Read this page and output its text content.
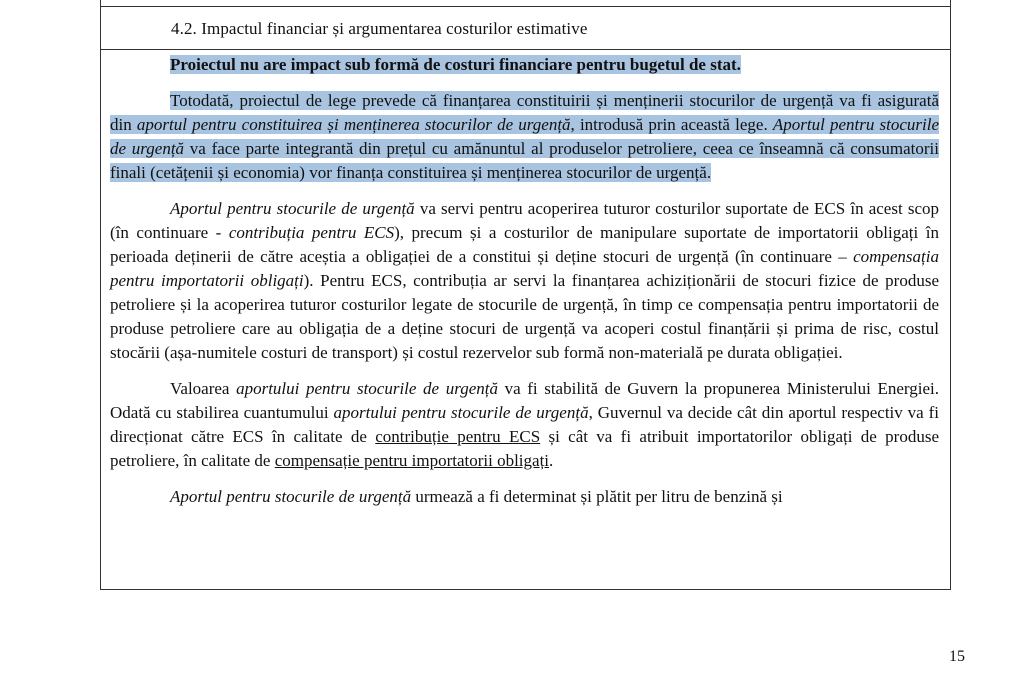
4.2. Impactul financiar și argumentarea costurilor estimative

Proiectul nu are impact sub formă de costuri financiare pentru bugetul de stat.

Totodată, proiectul de lege prevede că finanțarea constituirii și menținerii stocurilor de urgență va fi asigurată din aportul pentru constituirea și menținerea stocurilor de urgență, introdusă prin această lege. Aportul pentru stocurile de urgență va face parte integrantă din prețul cu amănuntul al produselor petroliere, ceea ce înseamnă că consumatorii finali (cetățenii și economia) vor finanța constituirea și menținerea stocurilor de urgență.

Aportul pentru stocurile de urgență va servi pentru acoperirea tuturor costurilor suportate de ECS în acest scop (în continuare - contribuția pentru ECS), precum și a costurilor de manipulare suportate de importatorii obligați în perioada deținerii de către aceștia a obligației de a constitui și deține stocuri de urgență (în continuare – compensația pentru importatorii obligați). Pentru ECS, contribuția ar servi la finanțarea achiziționării de stocuri fizice de produse petroliere și la acoperirea tuturor costurilor legate de stocurile de urgență, în timp ce compensația pentru importatorii de produse petroliere care au obligația de a deține stocuri de urgență va acoperi costul finanțării și prima de risc, costul stocării (așa-numitele costuri de transport) și costul rezervelor sub formă non-materială pe durata obligației.

Valoarea aportului pentru stocurile de urgență va fi stabilită de Guvern la propunerea Ministerului Energiei. Odată cu stabilirea cuantumului aportului pentru stocurile de urgență, Guvernul va decide cât din aportul respectiv va fi direcționat către ECS în calitate de contribuție pentru ECS și cât va fi atribuit importatorilor obligați de produse petroliere, în calitate de compensație pentru importatorii obligați.

Aportul pentru stocurile de urgență urmează a fi determinat și plătit per litru de benzină și

15
